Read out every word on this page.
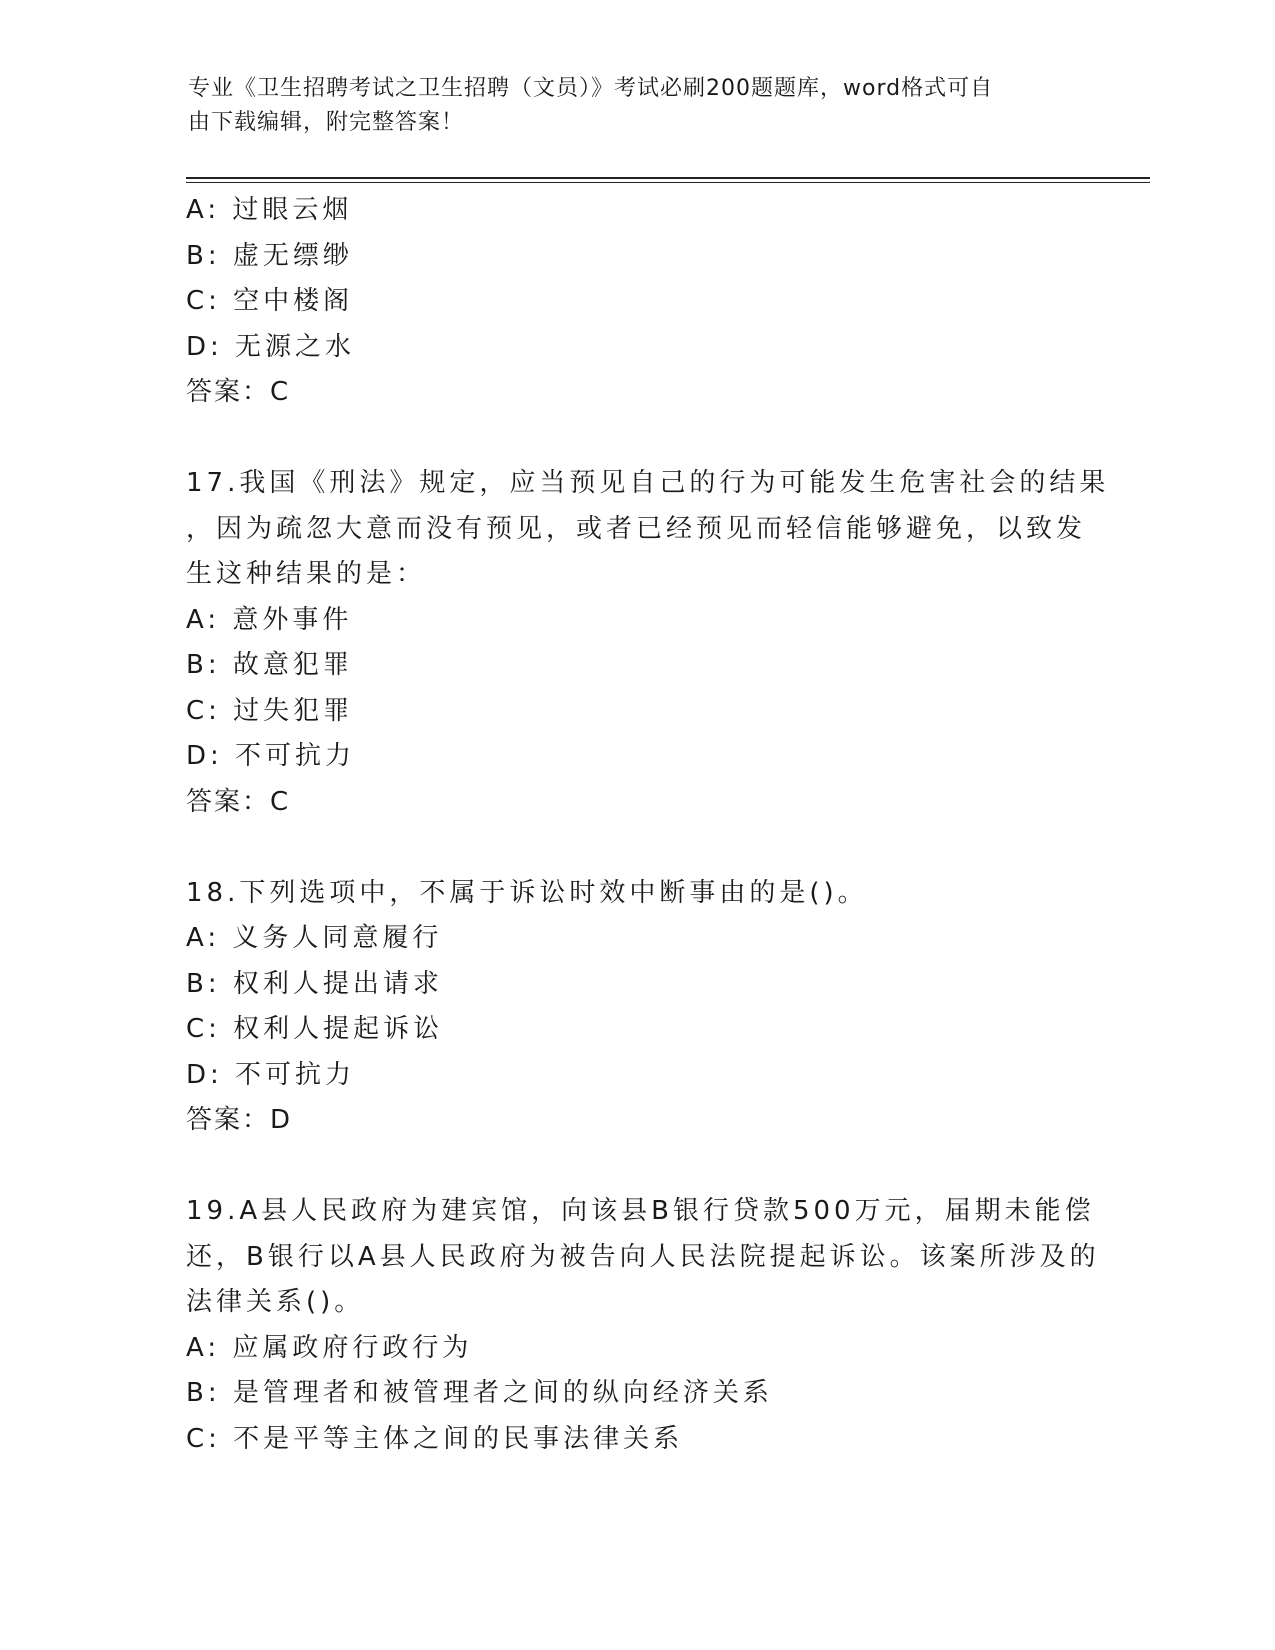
专业《卫生招聘考试之卫生招聘（文员）》考试必刷200题题库，word格式可自
由下载编辑，附完整答案！
A: 过眼云烟
B: 虚无缥缈
C: 空中楼阁
D: 无源之水
答案：C
17.我国《刑法》规定，应当预见自己的行为可能发生危害社会的结果
，因为疏忽大意而没有预见，或者已经预见而轻信能够避免，以致发
生这种结果的是：
A: 意外事件
B: 故意犯罪
C: 过失犯罪
D: 不可抗力
答案：C
18.下列选项中，不属于诉讼时效中断事由的是()。
A: 义务人同意履行
B: 权利人提出请求
C: 权利人提起诉讼
D: 不可抗力
答案：D
19.A县人民政府为建宾馆，向该县B银行贷款500万元，届期未能偿
还，B银行以A县人民政府为被告向人民法院提起诉讼。该案所涉及的
法律关系()。
A: 应属政府行政行为
B: 是管理者和被管理者之间的纵向经济关系
C: 不是平等主体之间的民事法律关系
